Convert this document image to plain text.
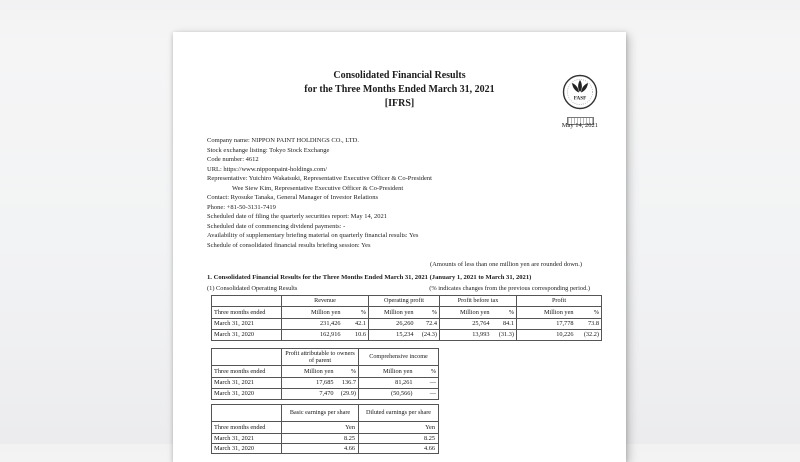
Consolidated Financial Results
for the Three Months Ended March 31, 2021
[IFRS]	FASF
May 14, 2021
Company name: NIPPON PAINT HOLDINGS CO., LTD.
Stock exchange listing: Tokyo Stock Exchange
Code number: 4612
URL: https://www.nipponpaint-holdings.com/
Representative: Yuichiro Wakatsuki, Representative Executive Officer & Co-President
Wee Siew Kim, Representative Executive Officer & Co-President
Contact: Ryosuke Tanaka, General Manager of Investor Relations
Phone: +81-50-3131-7419
Scheduled date of filing the quarterly securities report: May 14, 2021
Scheduled date of commencing dividend payments: -
Availability of supplementary briefing material on quarterly financial results: Yes
Schedule of consolidated financial results briefing session: Yes
(Amounts of less than one million yen are rounded down.)
1. Consolidated Financial Results for the Three Months Ended March 31, 2021 (January 1, 2021 to March 31, 2021)
(1) Consolidated Operating Results	(% indicates changes from the previous corresponding period.)
	Revenue		Operating profit		Profit before tax		Profit	
Three months ended	Million yen	%	Million yen	%	Million yen	%	Million yen	%
March 31, 2021	231,426	42.1	26,260	72.4	25,764	84.1	17,778	73.8
March 31, 2020	162,916	10.6	15,234	(24.3)	13,993	(31.3)	10,226	(32.2)
	Profit attributable to owners of parent		Comprehensive income	
Three months ended	Million yen	%	Million yen	%
March 31, 2021	17,685	136.7	81,261	—
March 31, 2020	7,470	(29.9)	(50,566)	—
	Basic earnings per share	Diluted earnings per share
Three months ended	Yen	Yen
March 31, 2021	8.25	8.25
March 31, 2020	4.66	4.66
